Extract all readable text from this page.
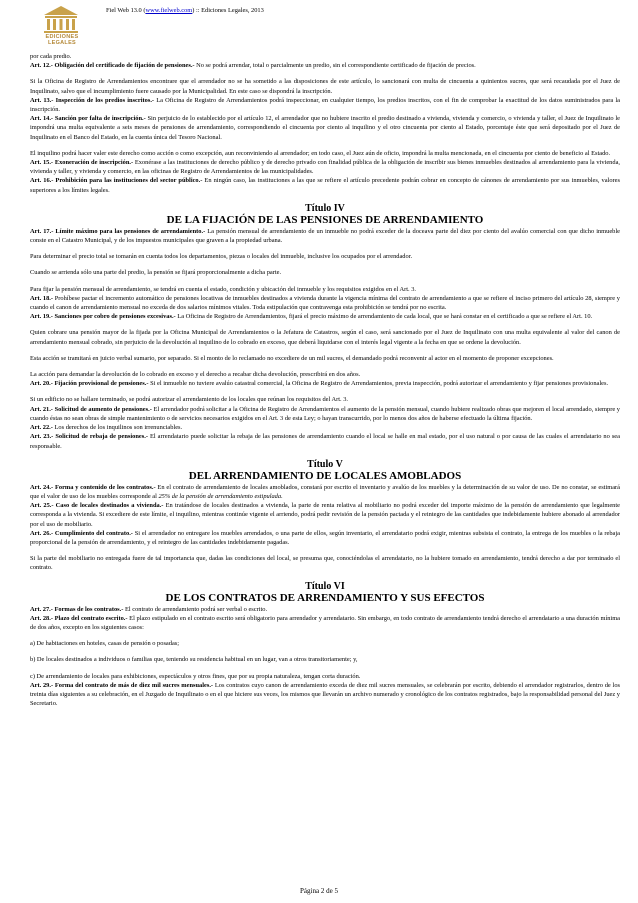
EDICIONES
LEGALES
Fiel Web 13.0 (www.fielweb.com) :: Ediciones Legales, 2013

por cada predio.

Art. 12.- Obligación del certificado de fijación de pensiones.- No se podrá arrendar, total o parcialmente un predio, sin el correspondiente certificado de fijación de precios.

Si la Oficina de Registro de Arrendamientos encontrare que el arrendador no se ha sometido a las disposiciones de este artículo, lo sancionará con multa de cincuenta a quinientos sucres, que será recaudada por el Juez de Inquilinato, salvo que el incumplimiento fuere causado por la Municipalidad. En este caso se dispondrá la inscripción.

Art. 13.- Inspección de los predios inscritos.- La Oficina de Registro de Arrendamientos podrá inspeccionar, en cualquier tiempo, los predios inscritos, con el fin de comprobar la exactitud de los datos suministrados para la inscripción.

Art. 14.- Sanción por falta de inscripción.- Sin perjuicio de lo establecido por el artículo 12, el arrendador que no hubiere inscrito el predio destinado a vivienda, vivienda y comercio, o vivienda y taller, el Juez de Inquilinato le impondrá una multa equivalente a seis meses de pensiones de arrendamiento, correspondiendo el cincuenta por ciento al inquilino y el otro cincuenta por ciento al Estado, porcentaje éste que será depositado por el Juez de Inquilinato en el Banco del Estado, en la cuenta única del Tesoro Nacional.

El inquilino podrá hacer valer este derecho como acción o como excepción, aun reconviniendo al arrendador; en todo caso, el Juez aún de oficio, impondrá la multa mencionada, en el cincuenta por ciento de beneficio al Estado.

Art. 15.- Exoneración de inscripción.- Exonérase a las instituciones de derecho público y de derecho privado con finalidad pública de la obligación de inscribir sus bienes inmuebles destinados al arrendamiento para la vivienda, vivienda y taller, y vivienda y comercio, en las oficinas de Registro de Arrendamientos de las municipalidades.

Art. 16.- Prohibición para las instituciones del sector público.- En ningún caso, las instituciones a las que se refiere el artículo precedente podrán cobrar en concepto de cánones de arrendamiento por sus inmuebles, valores superiores a los límites legales.

Título IV

DE LA FIJACIÓN DE LAS PENSIONES DE ARRENDAMIENTO

Art. 17.- Límite máximo para las pensiones de arrendamiento.- La pensión mensual de arrendamiento de un inmueble no podrá exceder de la doceava parte del diez por ciento del avalúo comercial con que dicho inmueble conste en el Catastro Municipal, y de los impuestos municipales que graven a la propiedad urbana.

Para determinar el precio total se tomarán en cuenta todos los departamentos, piezas o locales del inmueble, inclusive los ocupados por el arrendador.

Cuando se arrienda sólo una parte del predio, la pensión se fijará proporcionalmente a dicha parte.

Para fijar la pensión mensual de arrendamiento, se tendrá en cuenta el estado, condición y ubicación del inmueble y los requisitos exigidos en el Art. 3.

Art. 18.- Prohíbese pactar el incremento automático de pensiones locativas de inmuebles destinados a vivienda durante la vigencia mínima del contrato de arrendamiento a que se refiere el inciso primero del artículo 28, siempre y cuando el canon de arrendamiento mensual no exceda de dos salarios mínimos vitales. Toda estipulación que contravenga esta prohibición se tendrá por no escrita.

Art. 19.- Sanciones por cobro de pensiones excesivas.- La Oficina de Registro de Arrendamientos, fijará el precio máximo de arrendamiento de cada local, que se hará constar en el certificado a que se refiere el Art. 10.

Quien cobrare una pensión mayor de la fijada por la Oficina Municipal de Arrendamientos o la Jefatura de Catastros, según el caso, será sancionado por el Juez de Inquilinato con una multa equivalente al valor del canon de arrendamiento mensual cobrado, sin perjuicio de la devolución al inquilino de lo cobrado en exceso, que deberá liquidarse con el interés legal vigente a la fecha en que se ordene la devolución.

Esta acción se tramitará en juicio verbal sumario, por separado. Si el monto de lo reclamado no excediere de un mil sucres, el demandado podrá reconvenir al actor en el momento de proponer excepciones.

La acción para demandar la devolución de lo cobrado en exceso y el derecho a recabar dicha devolución, prescribirá en dos años.

Art. 20.- Fijación provisional de pensiones.- Si el inmueble no tuviere avalúo catastral comercial, la Oficina de Registro de Arrendamientos, previa inspección, podrá autorizar el arrendamiento y fijar pensiones provisionales.

Si un edificio no se hallare terminado, se podrá autorizar el arrendamiento de los locales que reúnan los requisitos del Art. 3.

Art. 21.- Solicitud de aumento de pensiones.- El arrendador podrá solicitar a la Oficina de Registro de Arrendamientos el aumento de la pensión mensual, cuando hubiere realizado obras que mejoren el local arrendado, siempre y cuando éstas no sean obras de simple mantenimiento o de servicios necesarios exigidos en el Art. 3 de esta Ley; o hayan transcurrido, por lo menos dos años de haberse efectuado la última fijación.

Art. 22.- Los derechos de los inquilinos son irrenunciables.

Art. 23.- Solicitud de rebaja de pensiones.- El arrendatario puede solicitar la rebaja de las pensiones de arrendamiento cuando el local se halle en mal estado, por el uso natural o por causa de las cuales el arrendatario no sea responsable.

Título V

DEL ARRENDAMIENTO DE LOCALES AMOBLADOS

Art. 24.- Forma y contenido de los contratos.- En el contrato de arrendamiento de locales amoblados, constará por escrito el inventario y avalúo de los muebles y la determinación de su valor de uso. De no constar, se estimará que el valor de uso de los muebles corresponde al 25% de la pensión de arrendamiento estipulada.

Art. 25.- Caso de locales destinados a vivienda.- En tratándose de locales destinados a vivienda, la parte de renta relativa al mobiliario no podrá exceder del importe máximo de la pensión de arrendamiento que legalmente corresponda a la vivienda. Si excediere de este límite, el inquilino, mientras continúe vigente el arriendo, podrá pedir revisión de la pensión pactada y el reintegro de las cantidades que indebidamente hubiere abonado al arrendador por el uso de mobiliario.

Art. 26.- Cumplimiento del contrato.- Si el arrendador no entregare los muebles arrendados, o una parte de ellos, según inventario, el arrendatario podrá exigir, mientras subsista el contrato, la entrega de los muebles o la rebaja proporcional de la pensión de arrendamiento, y el reintegro de las cantidades indebidamente pagadas.

Si la parte del mobiliario no entregada fuere de tal importancia que, dadas las condiciones del local, se presuma que, conociéndolas el arrendatario, no la hubiere tomado en arrendamiento, tendrá derecho a dar por terminado el contrato.

Título VI

DE LOS CONTRATOS DE ARRENDAMIENTO Y SUS EFECTOS

Art. 27.- Formas de los contratos.- El contrato de arrendamiento podrá ser verbal o escrito.

Art. 28.- Plazo del contrato escrito.- El plazo estipulado en el contrato escrito será obligatorio para arrendador y arrendatario. Sin embargo, en todo contrato de arrendamiento tendrá derecho el arrendatario a una duración mínima de dos años, excepto en los siguientes casos:

a) De habitaciones en hoteles, casas de pensión o posadas;

b) De locales destinados a individuos o familias que, teniendo su residencia habitual en un lugar, van a otros transitoriamente; y,

c) De arrendamiento de locales para exhibiciones, espectáculos y otros fines, que por su propia naturaleza, tengan corta duración.

Art. 29.- Forma del contrato de más de diez mil sucres mensuales.- Los contratos cuyo canon de arrendamiento exceda de diez mil sucres mensuales, se celebrarán por escrito, debiendo el arrendador registrarlos, dentro de los treinta días siguientes a su celebración, en el Juzgado de Inquilinato o en el que hiciere sus veces, los mismos que llevarán un archivo numerado y cronológico de los contratos registrados, bajo la responsabilidad personal del Juez y Secretario.

Página 2 de 5
